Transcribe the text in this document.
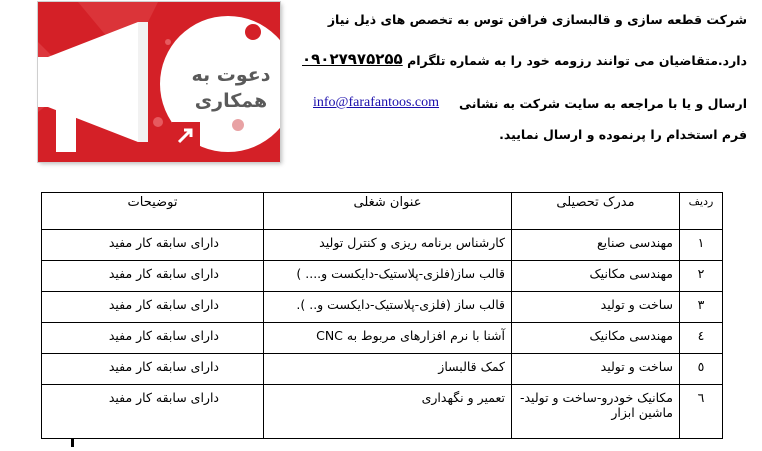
دعوت به
همکاری
شرکت قطعه سازی و قالبسازی فرافن توس به تخصص های ذیل نیاز
دارد.متقاضیان می توانند رزومه خود را به شماره تلگرام
۰۹۰۲۷۹۷۵۲۵۵
ارسال و یا با مراجعه به سایت شرکت به نشانی
info@farafantoos.com
فرم استخدام را پرنموده و ارسال نمایید.
ردیف	مدرک تحصیلی	عنوان شغلی	توضیحات
۱	مهندسی صنایع	کارشناس برنامه ریزی و کنترل تولید	دارای سابقه کار مفید
۲	مهندسی مکانیک	قالب ساز(فلزی-پلاستیک-دایکست و.... )	دارای سابقه کار مفید
۳	ساخت و تولید	قالب ساز (فلزی-پلاستیک-دایکست و.. ).	دارای سابقه کار مفید
٤	مهندسی مکانیک	آشنا با نرم افزارهای مربوط به CNC	دارای سابقه کار مفید
٥	ساخت و تولید	کمک قالبساز	دارای سابقه کار مفید
٦	مکانیک خودرو-ساخت و تولید-ماشین ابزار	تعمیر و نگهداری	دارای سابقه کار مفید
